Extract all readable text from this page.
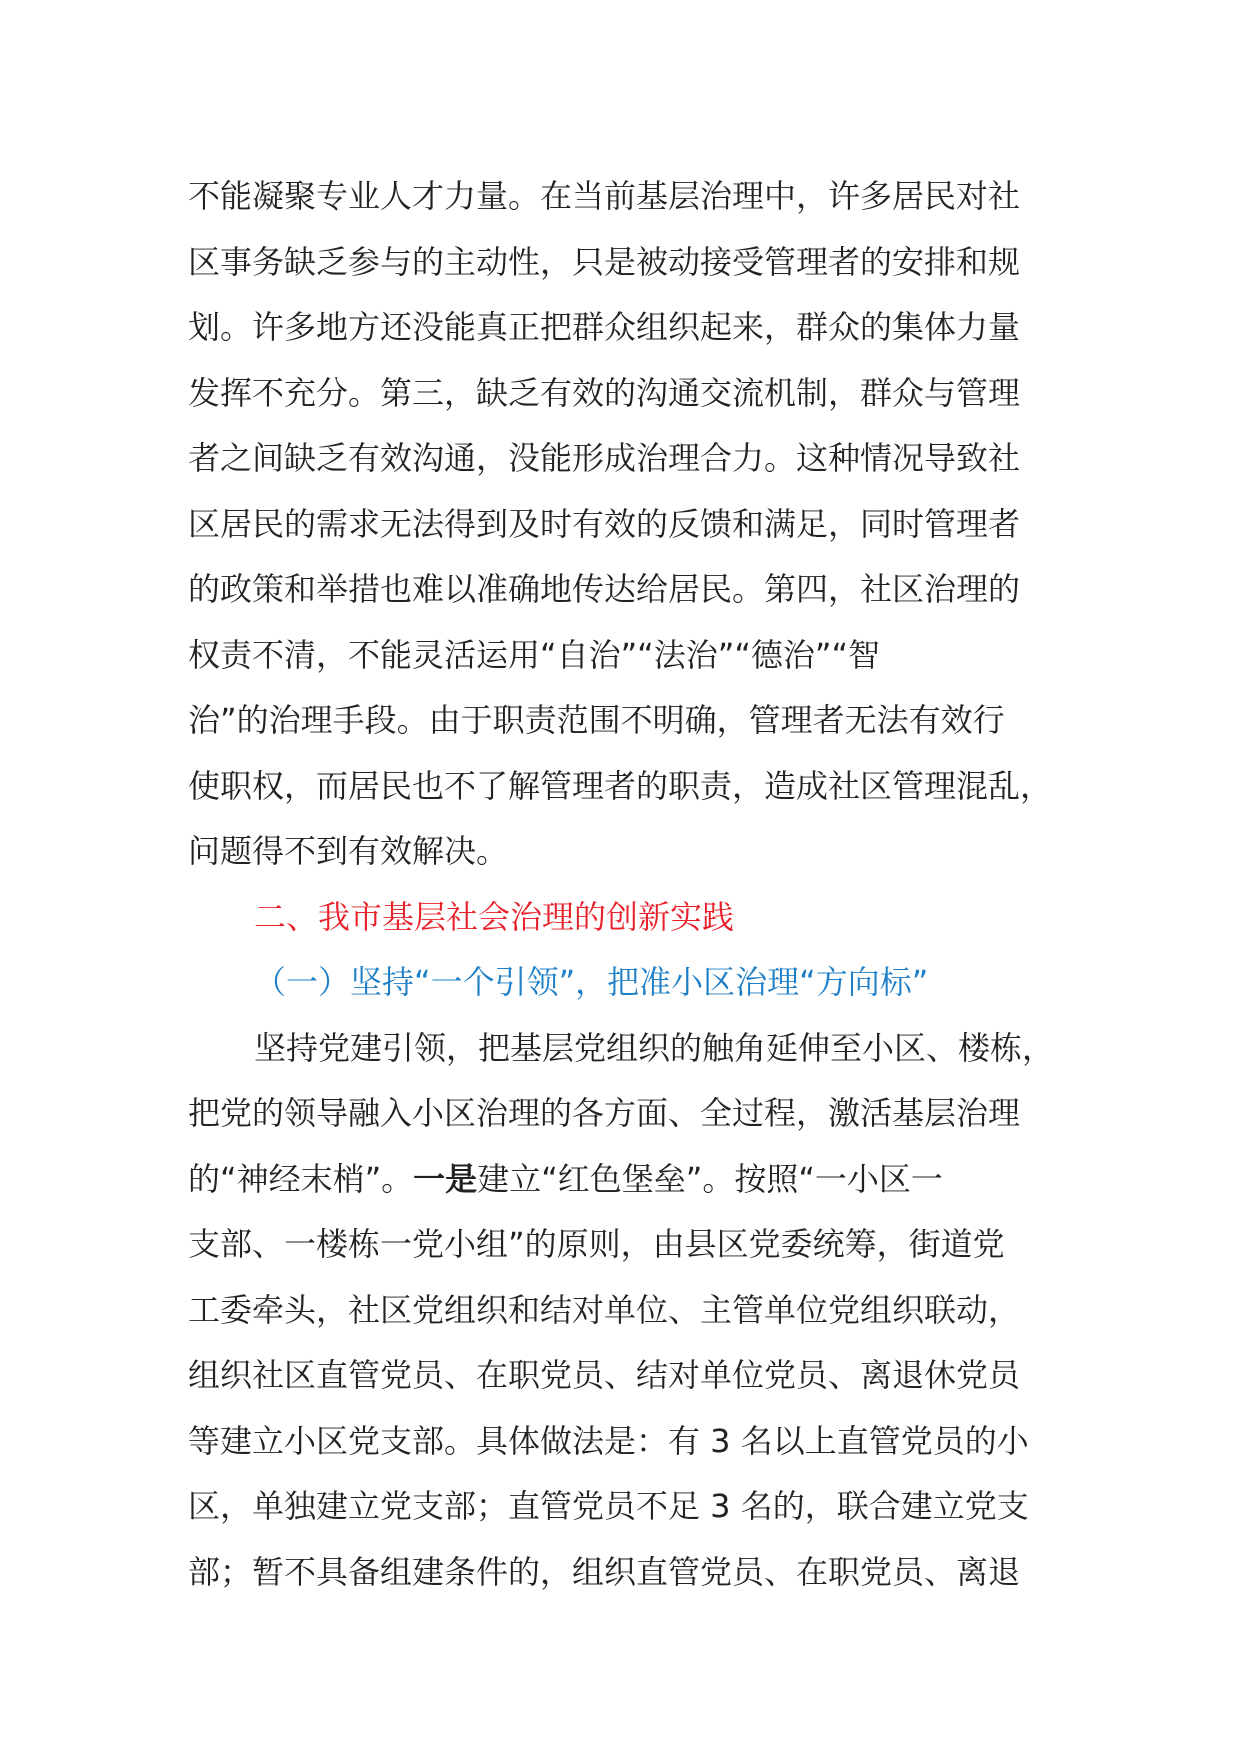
不能凝聚专业人才力量。在当前基层治理中，许多居民对社
区事务缺乏参与的主动性，只是被动接受管理者的安排和规
划。许多地方还没能真正把群众组织起来，群众的集体力量
发挥不充分。第三，缺乏有效的沟通交流机制，群众与管理
者之间缺乏有效沟通，没能形成治理合力。这种情况导致社
区居民的需求无法得到及时有效的反馈和满足，同时管理者
的政策和举措也难以准确地传达给居民。第四，社区治理的
权责不清，不能灵活运用“自治”“法治”“德治”“智
治”的治理手段。由于职责范围不明确，管理者无法有效行
使职权，而居民也不了解管理者的职责，造成社区管理混乱，
问题得不到有效解决。
二、我市基层社会治理的创新实践
（一）坚持“一个引领”，把准小区治理“方向标”
坚持党建引领，把基层党组织的触角延伸至小区、楼栋，
把党的领导融入小区治理的各方面、全过程，激活基层治理
的“神经末梢”。一是建立“红色堡垒”。按照“一小区一
支部、一楼栋一党小组”的原则，由县区党委统筹，街道党
工委牵头，社区党组织和结对单位、主管单位党组织联动，
组织社区直管党员、在职党员、结对单位党员、离退休党员
等建立小区党支部。具体做法是：有 3 名以上直管党员的小
区，单独建立党支部；直管党员不足 3 名的，联合建立党支
部；暂不具备组建条件的，组织直管党员、在职党员、离退
